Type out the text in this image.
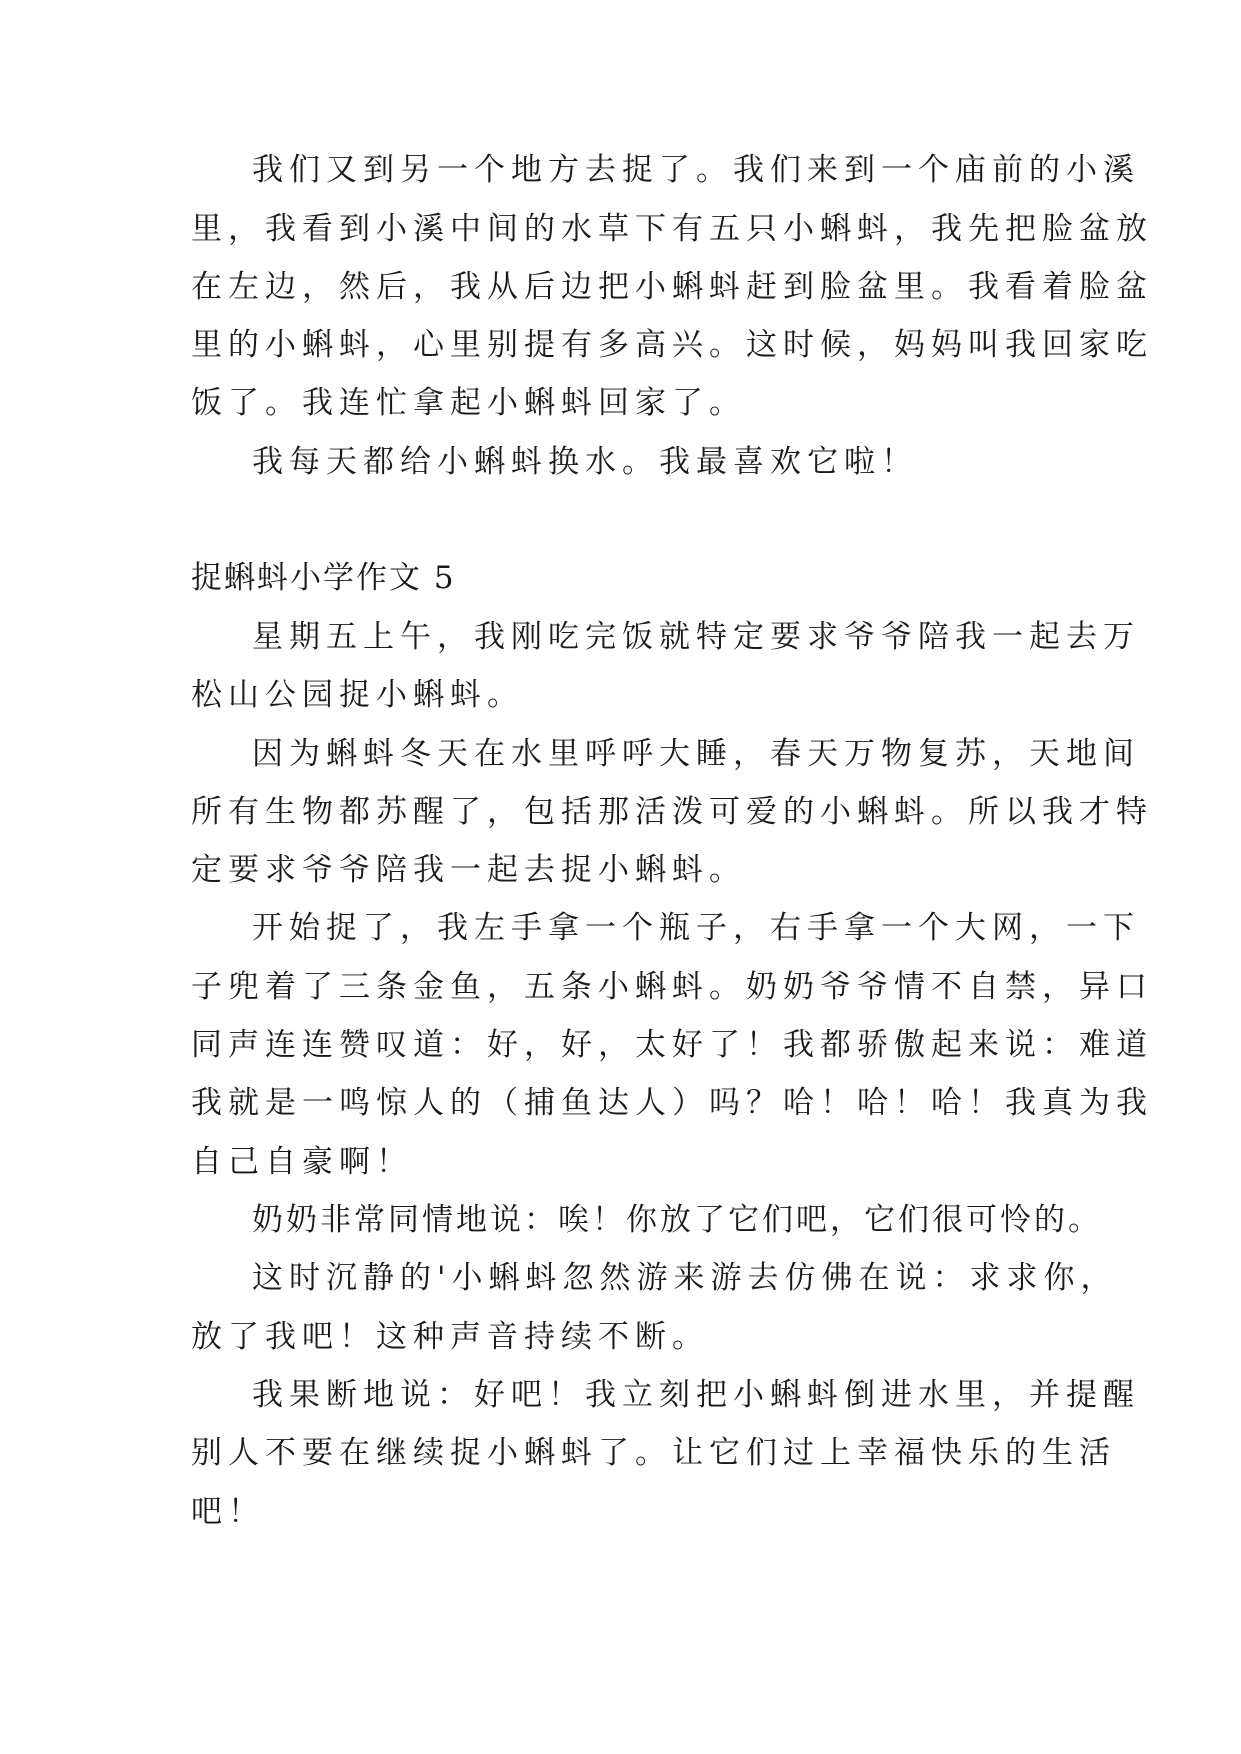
我们又到另一个地方去捉了。我们来到一个庙前的小溪
里，我看到小溪中间的水草下有五只小蝌蚪，我先把脸盆放
在左边，然后，我从后边把小蝌蚪赶到脸盆里。我看着脸盆
里的小蝌蚪，心里别提有多高兴。这时候，妈妈叫我回家吃
饭了。我连忙拿起小蝌蚪回家了。
我每天都给小蝌蚪换水。我最喜欢它啦！
捉蝌蚪小学作文 5
星期五上午，我刚吃完饭就特定要求爷爷陪我一起去万
松山公园捉小蝌蚪。
因为蝌蚪冬天在水里呼呼大睡，春天万物复苏，天地间
所有生物都苏醒了，包括那活泼可爱的小蝌蚪。所以我才特
定要求爷爷陪我一起去捉小蝌蚪。
开始捉了，我左手拿一个瓶子，右手拿一个大网，一下
子兜着了三条金鱼，五条小蝌蚪。奶奶爷爷情不自禁，异口
同声连连赞叹道：好，好，太好了！我都骄傲起来说：难道
我就是一鸣惊人的（捕鱼达人）吗？哈！哈！哈！我真为我
自己自豪啊！
奶奶非常同情地说：唉！你放了它们吧，它们很可怜的。
这时沉静的'小蝌蚪忽然游来游去仿佛在说：求求你，
放了我吧！这种声音持续不断。
我果断地说：好吧！我立刻把小蝌蚪倒进水里，并提醒
别人不要在继续捉小蝌蚪了。让它们过上幸福快乐的生活
吧！
